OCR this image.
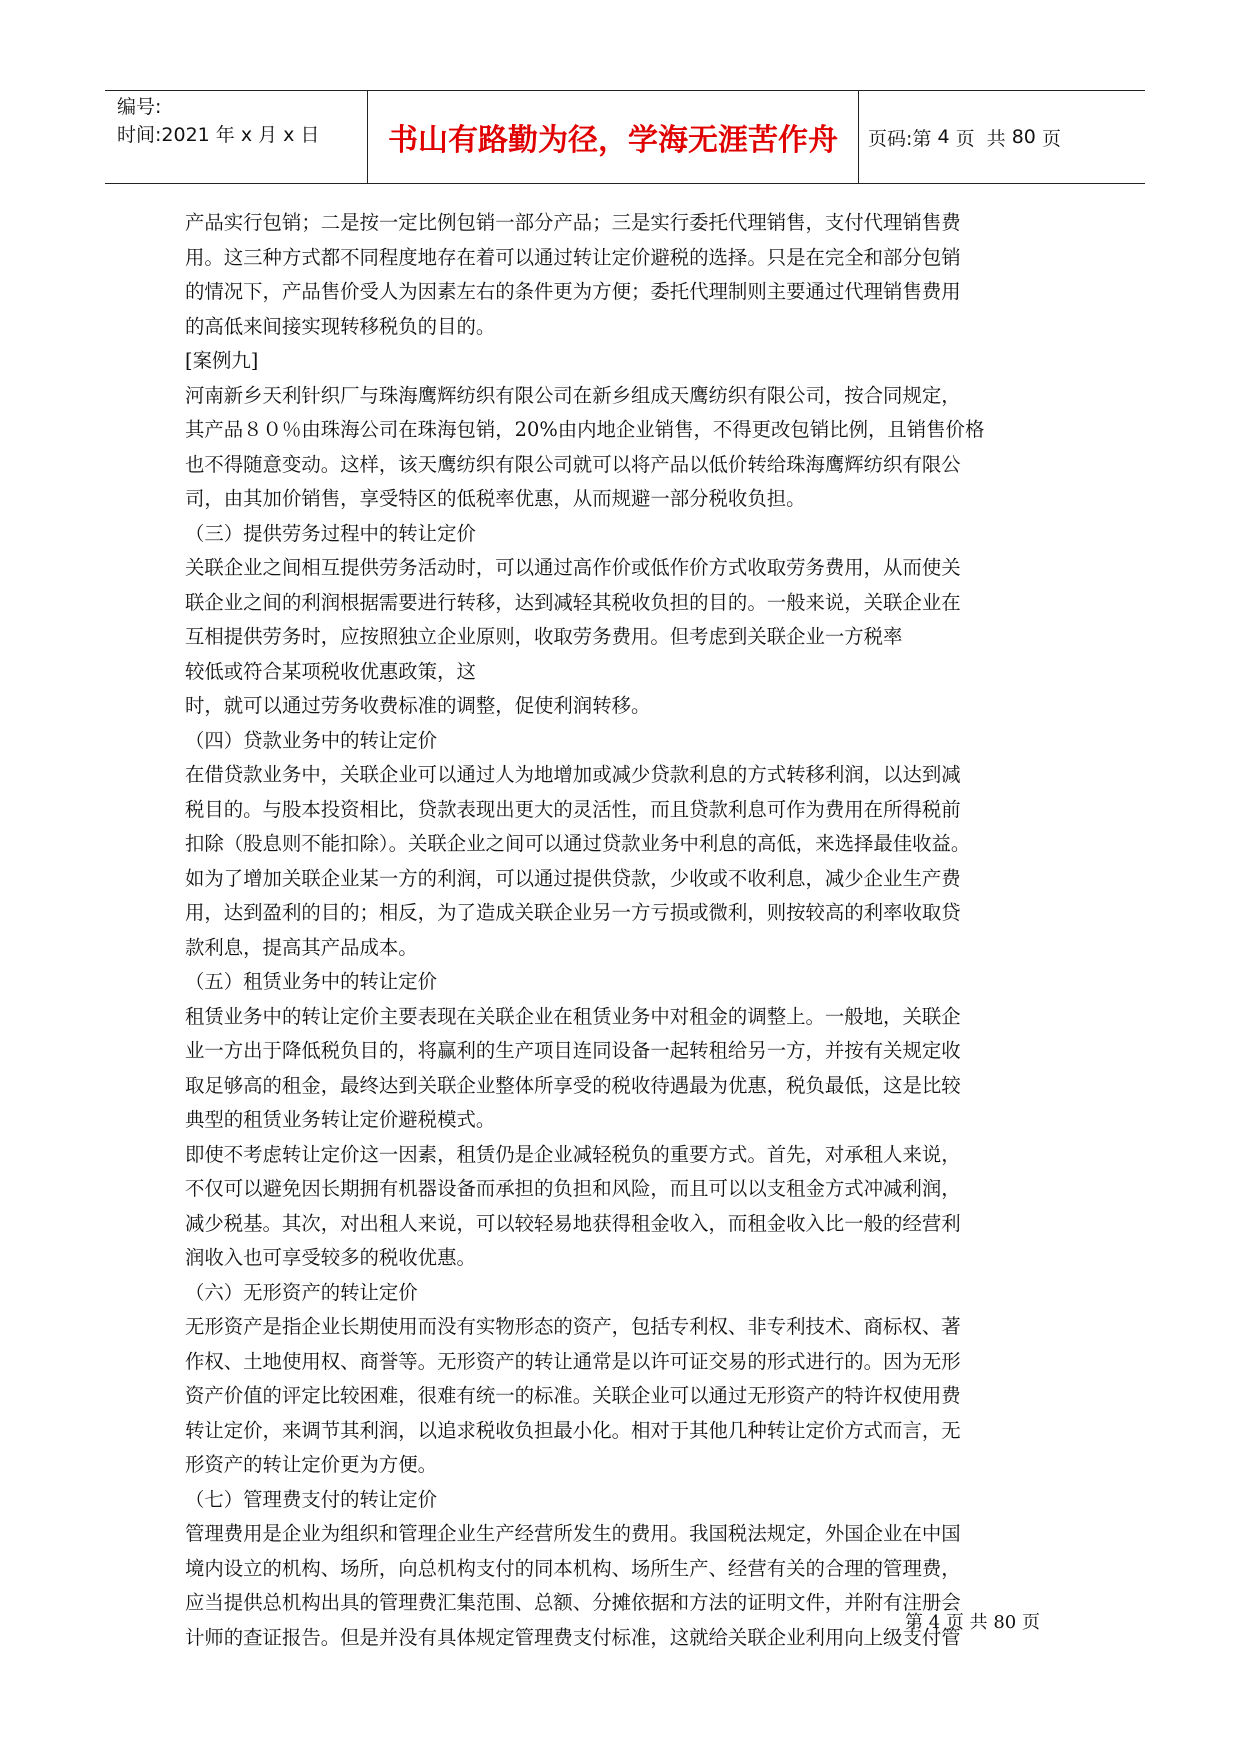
编号:
时间:2021 年 x 月 x 日	书山有路勤为径，学海无涯苦作舟	页码:第 4 页  共 80 页

产品实行包销；二是按一定比例包销一部分产品；三是实行委托代理销售，支付代理销售费

用。这三种方式都不同程度地存在着可以通过转让定价避税的选择。只是在完全和部分包销

的情况下，产品售价受人为因素左右的条件更为方便；委托代理制则主要通过代理销售费用

的高低来间接实现转移税负的目的。

[案例九]

河南新乡天利针织厂与珠海鹰辉纺织有限公司在新乡组成天鹰纺织有限公司，按合同规定，

其产品８０％由珠海公司在珠海包销，20%由内地企业销售，不得更改包销比例，且销售价格

也不得随意变动。这样，该天鹰纺织有限公司就可以将产品以低价转给珠海鹰辉纺织有限公

司，由其加价销售，享受特区的低税率优惠，从而规避一部分税收负担。

（三）提供劳务过程中的转让定价

关联企业之间相互提供劳务活动时，可以通过高作价或低作价方式收取劳务费用，从而使关

联企业之间的利润根据需要进行转移，达到减轻其税收负担的目的。一般来说，关联企业在

互相提供劳务时，应按照独立企业原则，收取劳务费用。但考虑到关联企业一方税率

较低或符合某项税收优惠政策，这

时，就可以通过劳务收费标准的调整，促使利润转移。

（四）贷款业务中的转让定价

在借贷款业务中，关联企业可以通过人为地增加或减少贷款利息的方式转移利润，以达到减

税目的。与股本投资相比，贷款表现出更大的灵活性，而且贷款利息可作为费用在所得税前

扣除（股息则不能扣除）。关联企业之间可以通过贷款业务中利息的高低，来选择最佳收益。

如为了增加关联企业某一方的利润，可以通过提供贷款，少收或不收利息，减少企业生产费

用，达到盈利的目的；相反，为了造成关联企业另一方亏损或微利，则按较高的利率收取贷

款利息，提高其产品成本。

（五）租赁业务中的转让定价

租赁业务中的转让定价主要表现在关联企业在租赁业务中对租金的调整上。一般地，关联企

业一方出于降低税负目的，将赢利的生产项目连同设备一起转租给另一方，并按有关规定收

取足够高的租金，最终达到关联企业整体所享受的税收待遇最为优惠，税负最低，这是比较

典型的租赁业务转让定价避税模式。

即使不考虑转让定价这一因素，租赁仍是企业减轻税负的重要方式。首先，对承租人来说，

不仅可以避免因长期拥有机器设备而承担的负担和风险，而且可以以支租金方式冲减利润，

减少税基。其次，对出租人来说，可以较轻易地获得租金收入，而租金收入比一般的经营利

润收入也可享受较多的税收优惠。

（六）无形资产的转让定价

无形资产是指企业长期使用而没有实物形态的资产，包括专利权、非专利技术、商标权、著

作权、土地使用权、商誉等。无形资产的转让通常是以许可证交易的形式进行的。因为无形

资产价值的评定比较困难，很难有统一的标准。关联企业可以通过无形资产的特许权使用费

转让定价，来调节其利润，以追求税收负担最小化。相对于其他几种转让定价方式而言，无

形资产的转让定价更为方便。

（七）管理费支付的转让定价

管理费用是企业为组织和管理企业生产经营所发生的费用。我国税法规定，外国企业在中国

境内设立的机构、场所，向总机构支付的同本机构、场所生产、经营有关的合理的管理费，

应当提供总机构出具的管理费汇集范围、总额、分摊依据和方法的证明文件，并附有注册会

计师的查证报告。但是并没有具体规定管理费支付标准，这就给关联企业利用向上级支付管

第 4 页 共 80 页
